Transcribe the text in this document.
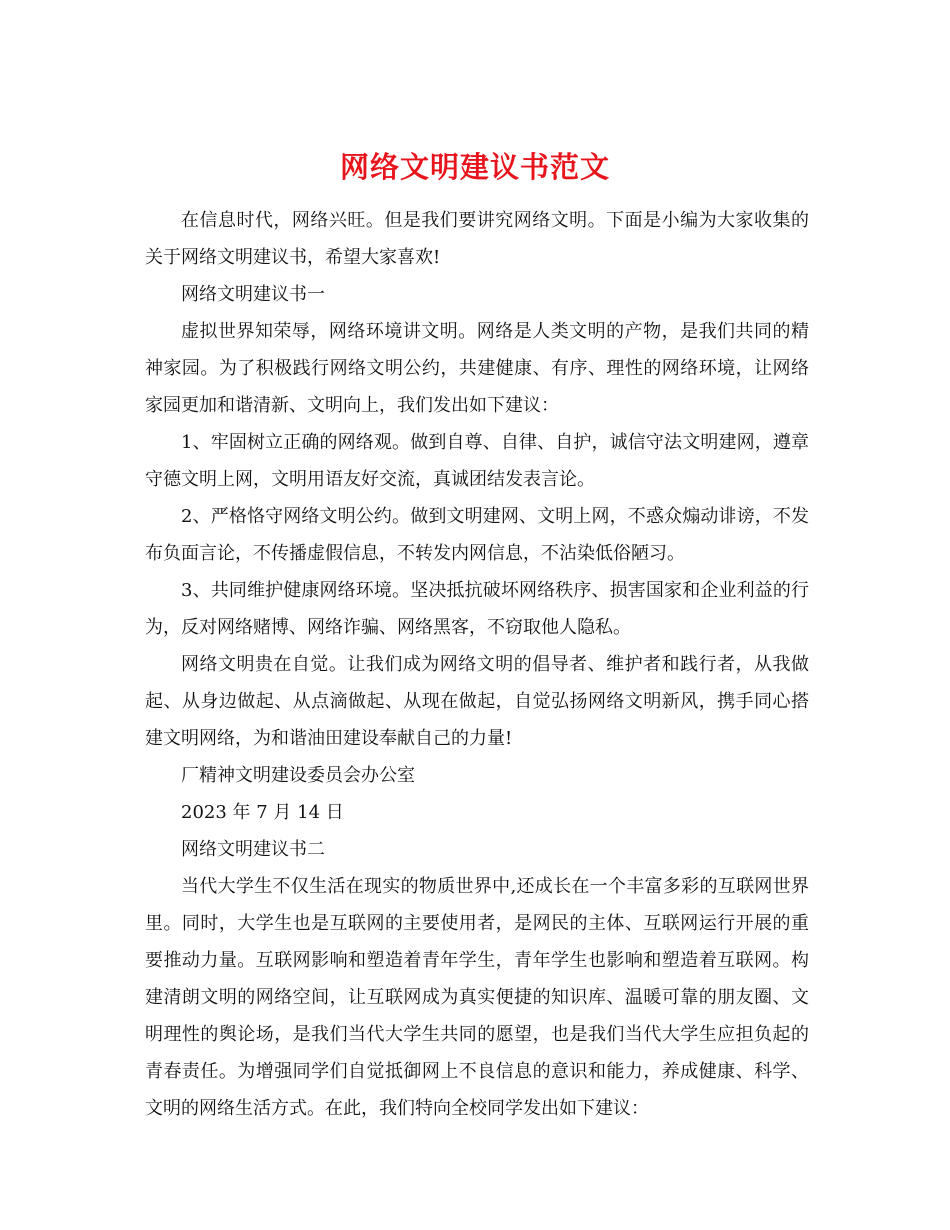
网络文明建议书范文

在信息时代，网络兴旺。但是我们要讲究网络文明。下面是小编为大家收集的关于网络文明建议书，希望大家喜欢!

网络文明建议书一

虚拟世界知荣辱，网络环境讲文明。网络是人类文明的产物，是我们共同的精神家园。为了积极践行网络文明公约，共建健康、有序、理性的网络环境，让网络家园更加和谐清新、文明向上，我们发出如下建议：

1、牢固树立正确的网络观。做到自尊、自律、自护，诚信守法文明建网，遵章守德文明上网，文明用语友好交流，真诚团结发表言论。

2、严格恪守网络文明公约。做到文明建网、文明上网，不惑众煽动诽谤，不发布负面言论，不传播虚假信息，不转发内网信息，不沾染低俗陋习。

3、共同维护健康网络环境。坚决抵抗破坏网络秩序、损害国家和企业利益的行为，反对网络赌博、网络诈骗、网络黑客，不窃取他人隐私。

网络文明贵在自觉。让我们成为网络文明的倡导者、维护者和践行者，从我做起、从身边做起、从点滴做起、从现在做起，自觉弘扬网络文明新风，携手同心搭建文明网络，为和谐油田建设奉献自己的力量!

厂精神文明建设委员会办公室

2023 年 7 月 14 日

网络文明建议书二

当代大学生不仅生活在现实的物质世界中,还成长在一个丰富多彩的互联网世界里。同时，大学生也是互联网的主要使用者，是网民的主体、互联网运行开展的重要推动力量。互联网影响和塑造着青年学生，青年学生也影响和塑造着互联网。构建清朗文明的网络空间，让互联网成为真实便捷的知识库、温暖可靠的朋友圈、文明理性的舆论场，是我们当代大学生共同的愿望，也是我们当代大学生应担负起的青春责任。为增强同学们自觉抵御网上不良信息的意识和能力，养成健康、科学、文明的网络生活方式。在此，我们特向全校同学发出如下建议：
